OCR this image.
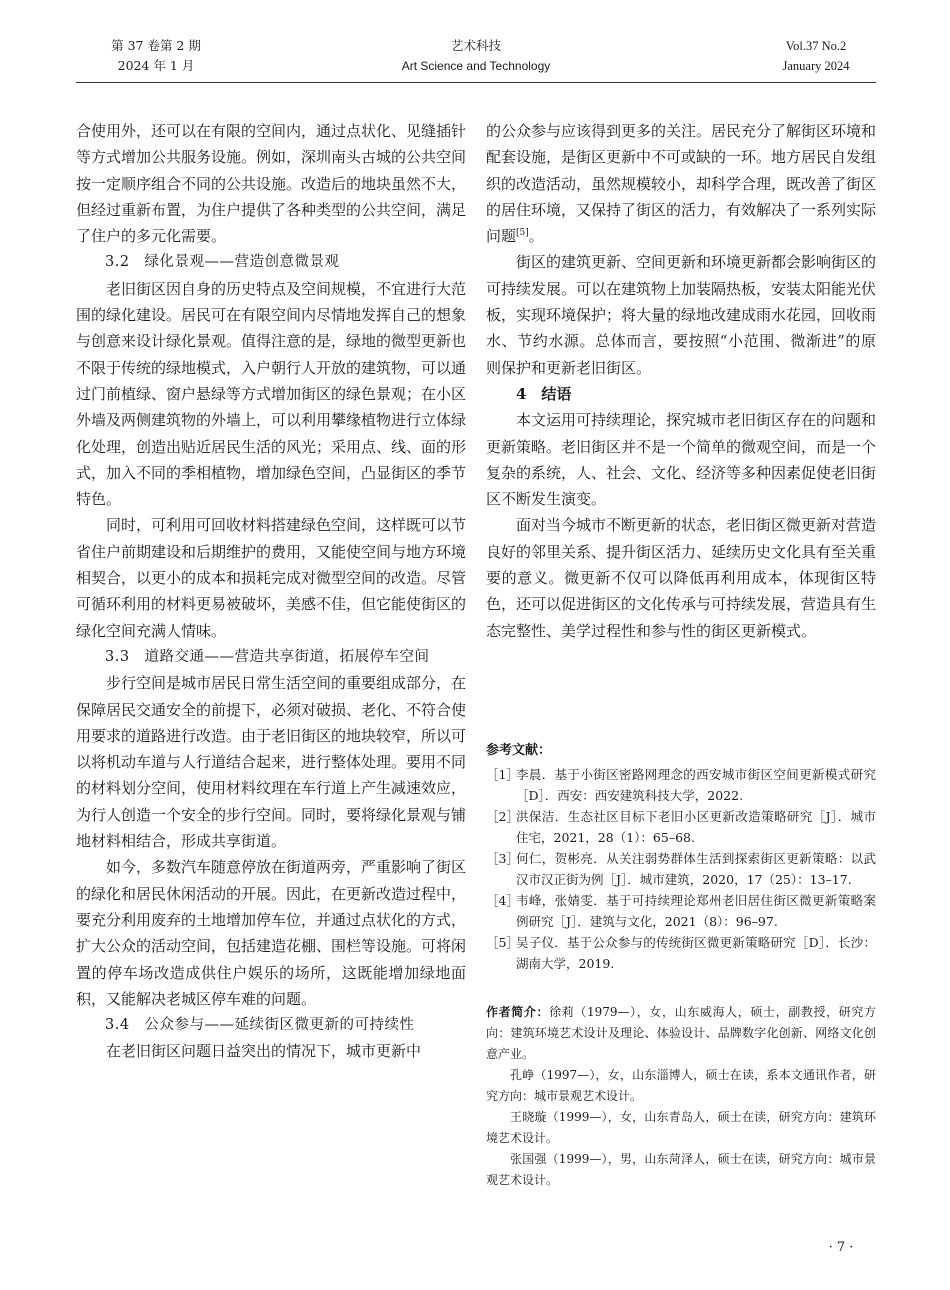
第 37 卷第 2 期
2024 年 1 月
艺术科技
Art Science and Technology
Vol.37 No.2
January 2024

合使用外，还可以在有限的空间内，通过点状化、见缝插针等方式增加公共服务设施。例如，深圳南头古城的公共空间按一定顺序组合不同的公共设施。改造后的地块虽然不大，但经过重新布置，为住户提供了各种类型的公共空间，满足了住户的多元化需要。

3.2　绿化景观——营造创意微景观

老旧街区因自身的历史特点及空间规模，不宜进行大范围的绿化建设。居民可在有限空间内尽情地发挥自己的想象与创意来设计绿化景观。值得注意的是，绿地的微型更新也不限于传统的绿地模式，入户朝行人开放的建筑物，可以通过门前植绿、窗户悬绿等方式增加街区的绿色景观；在小区外墙及两侧建筑物的外墙上，可以利用攀缘植物进行立体绿化处理，创造出贴近居民生活的风光；采用点、线、面的形式，加入不同的季相植物，增加绿色空间，凸显街区的季节特色。

同时，可利用可回收材料搭建绿色空间，这样既可以节省住户前期建设和后期维护的费用，又能使空间与地方环境相契合，以更小的成本和损耗完成对微型空间的改造。尽管可循环利用的材料更易被破坏，美感不佳，但它能使街区的绿化空间充满人情味。

3.3　道路交通——营造共享街道，拓展停车空间

步行空间是城市居民日常生活空间的重要组成部分，在保障居民交通安全的前提下，必须对破损、老化、不符合使用要求的道路进行改造。由于老旧街区的地块较窄，所以可以将机动车道与人行道结合起来，进行整体处理。要用不同的材料划分空间，使用材料纹理在车行道上产生减速效应，为行人创造一个安全的步行空间。同时，要将绿化景观与铺地材料相结合，形成共享街道。

如今，多数汽车随意停放在街道两旁，严重影响了街区的绿化和居民休闲活动的开展。因此，在更新改造过程中，要充分利用废弃的土地增加停车位，并通过点状化的方式，扩大公众的活动空间，包括建造花棚、围栏等设施。可将闲置的停车场改造成供住户娱乐的场所，这既能增加绿地面积，又能解决老城区停车难的问题。

3.4　公众参与——延续街区微更新的可持续性

在老旧街区问题日益突出的情况下，城市更新中

的公众参与应该得到更多的关注。居民充分了解街区环境和配套设施，是街区更新中不可或缺的一环。地方居民自发组织的改造活动，虽然规模较小，却科学合理，既改善了街区的居住环境，又保持了街区的活力，有效解决了一系列实际问题[5]。

街区的建筑更新、空间更新和环境更新都会影响街区的可持续发展。可以在建筑物上加装隔热板，安装太阳能光伏板，实现环境保护；将大量的绿地改建成雨水花园，回收雨水、节约水源。总体而言，要按照“小范围、微渐进”的原则保护和更新老旧街区。

4　结语

本文运用可持续理论，探究城市老旧街区存在的问题和更新策略。老旧街区并不是一个简单的微观空间，而是一个复杂的系统，人、社会、文化、经济等多种因素促使老旧街区不断发生演变。

面对当今城市不断更新的状态，老旧街区微更新对营造良好的邻里关系、提升街区活力、延续历史文化具有至关重要的意义。微更新不仅可以降低再利用成本，体现街区特色，还可以促进街区的文化传承与可持续发展，营造具有生态完整性、美学过程性和参与性的街区更新模式。

参考文献：
［1］
李晨．基于小街区密路网理念的西安城市街区空间更新模式研究［D］．西安：西安建筑科技大学，2022.
［2］
洪保洁．生态社区目标下老旧小区更新改造策略研究［J］．城市住宅，2021，28（1）：65–68.
［3］
何仁，贺彬亮．从关注弱势群体生活到探索街区更新策略：以武汉市汉正街为例［J］．城市建筑，2020，17（25）：13–17.
［4］
韦峰，张婧雯．基于可持续理论郑州老旧居住街区微更新策略案例研究［J］．建筑与文化，2021（8）：96–97.
［5］
吴子仪．基于公众参与的传统街区微更新策略研究［D］．长沙：湖南大学，2019.

作者简介：徐莉（1979—），女，山东威海人，硕士，副教授，研究方向：建筑环境艺术设计及理论、体验设计、品牌数字化创新、网络文化创意产业。

孔峥（1997—），女，山东淄博人，硕士在读，系本文通讯作者，研究方向：城市景观艺术设计。

王晓璇（1999—），女，山东青岛人，硕士在读，研究方向：建筑环境艺术设计。

张国强（1999—），男，山东菏泽人，硕士在读，研究方向：城市景观艺术设计。

· 7 ·
